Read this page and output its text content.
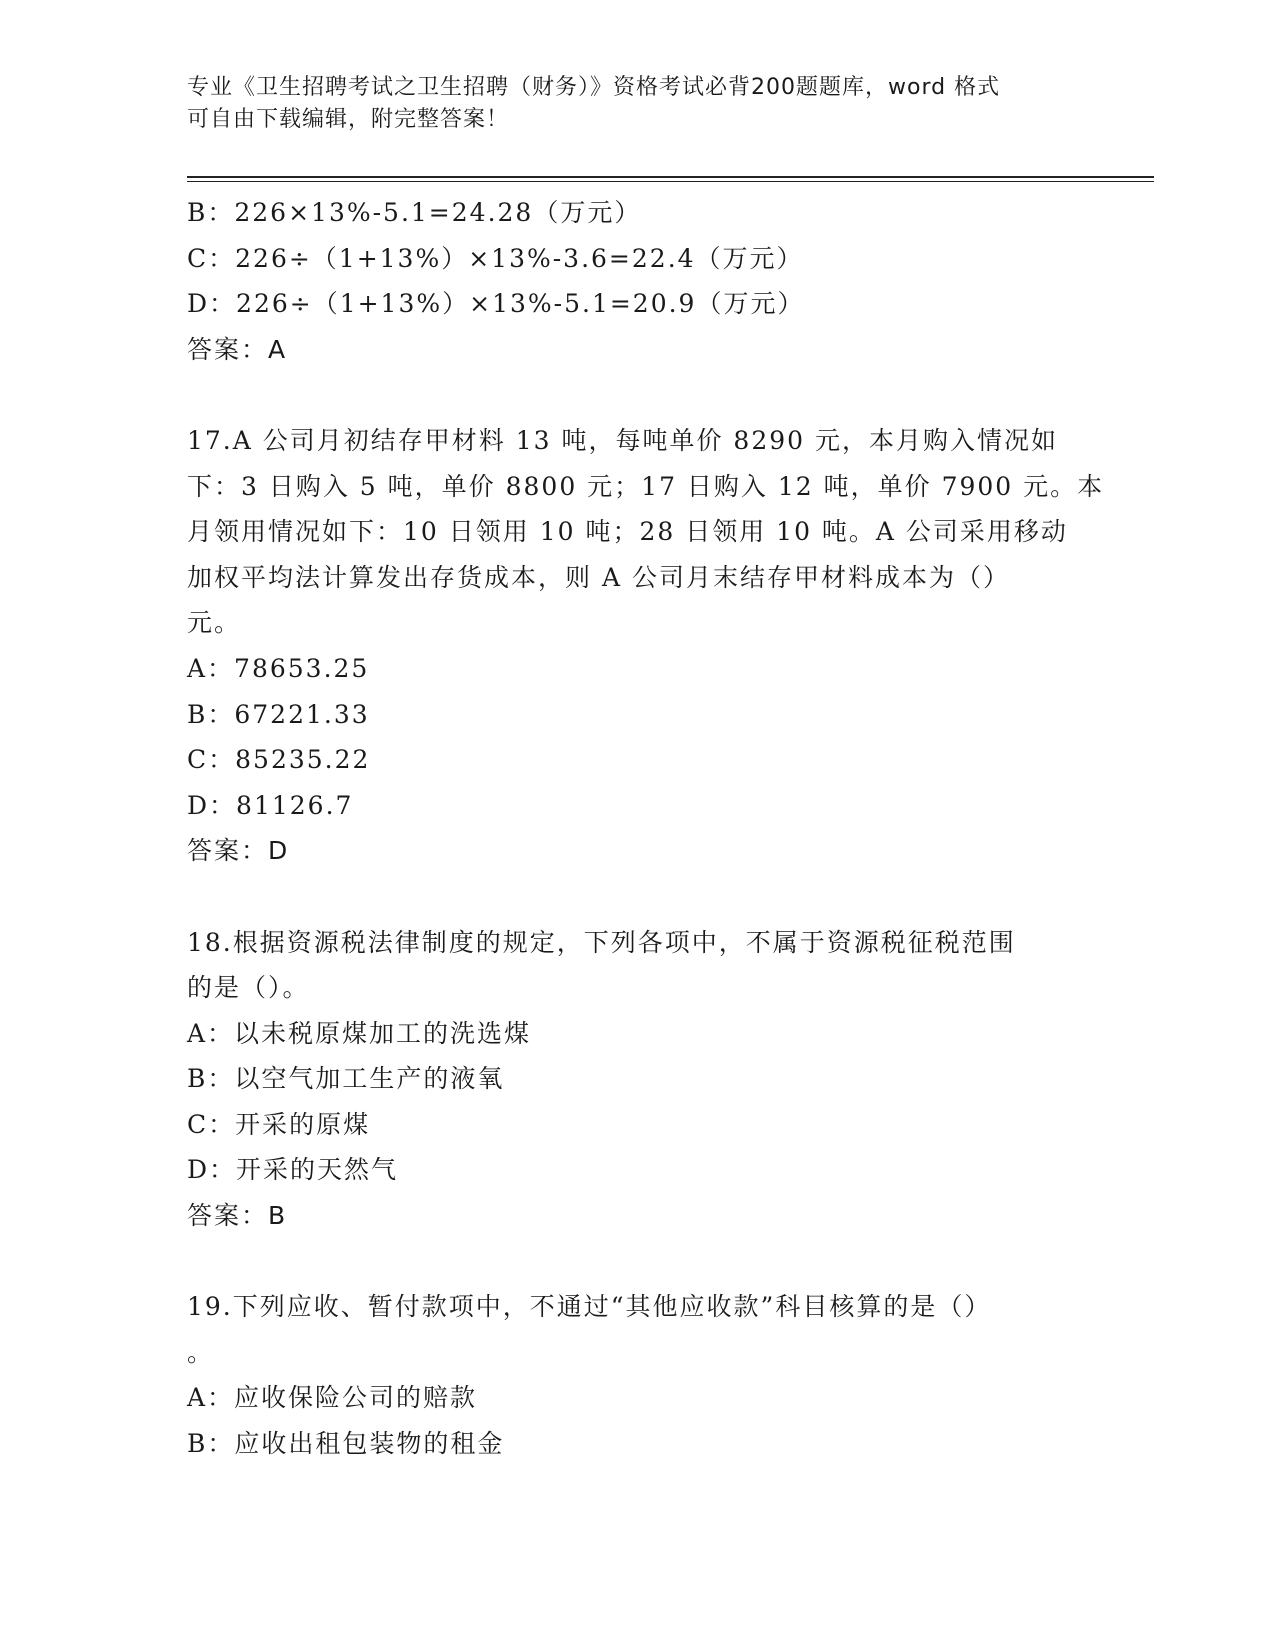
专业《卫生招聘考试之卫生招聘（财务）》资格考试必背200题题库，word 格式
可自由下载编辑，附完整答案！
B：226×13%-5.1=24.28（万元）
C：226÷（1+13%）×13%-3.6=22.4（万元）
D：226÷（1+13%）×13%-5.1=20.9（万元）
答案：A
17.A 公司月初结存甲材料 13 吨，每吨单价 8290 元，本月购入情况如
下：3 日购入 5 吨，单价 8800 元；17 日购入 12 吨，单价 7900 元。本
月领用情况如下：10 日领用 10 吨；28 日领用 10 吨。A 公司采用移动
加权平均法计算发出存货成本，则 A 公司月末结存甲材料成本为（）
元。
A：78653.25
B：67221.33
C：85235.22
D：81126.7
答案：D
18.根据资源税法律制度的规定，下列各项中，不属于资源税征税范围
的是（）。
A：以未税原煤加工的洗选煤
B：以空气加工生产的液氧
C：开采的原煤
D：开采的天然气
答案：B
19.下列应收、暂付款项中，不通过“其他应收款”科目核算的是（）
。
A：应收保险公司的赔款
B：应收出租包装物的租金
